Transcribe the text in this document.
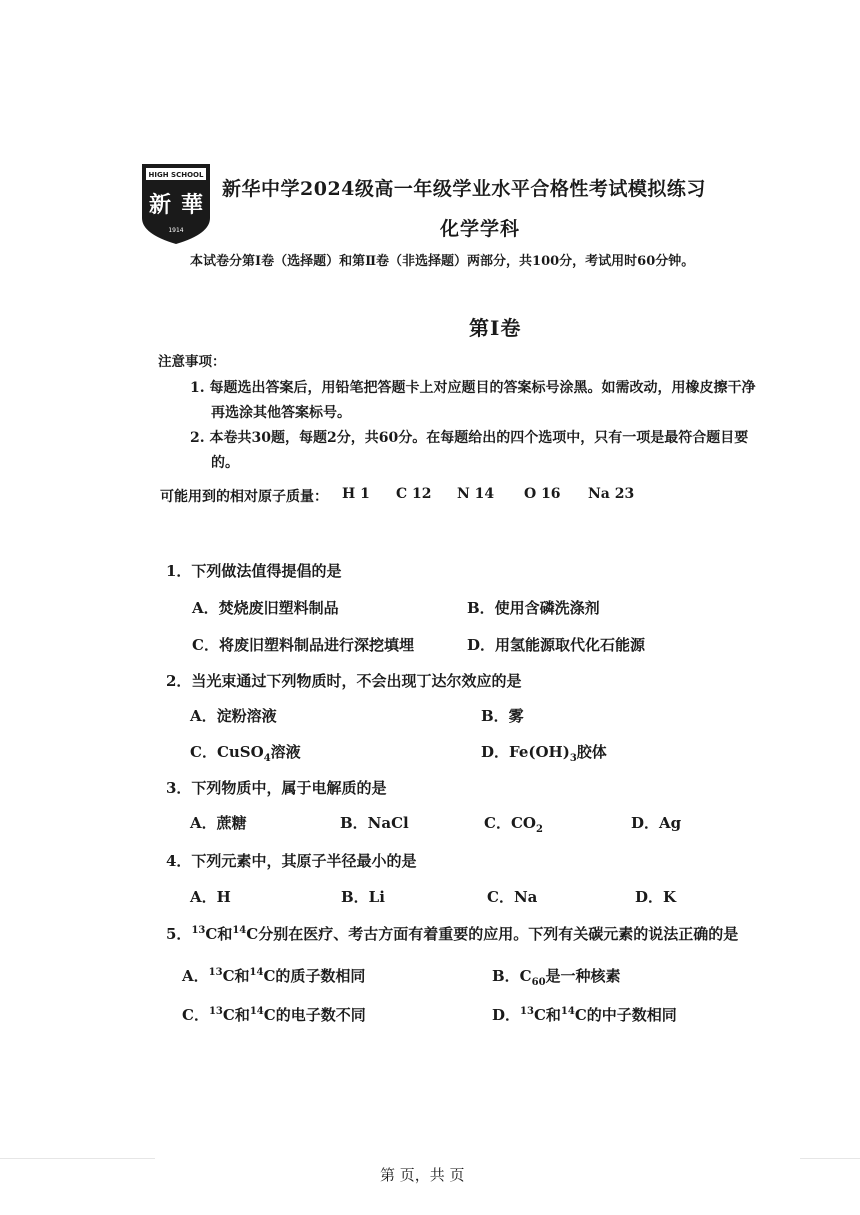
HIGH SCHOOL
新 華
1914
新华中学2024级高一年级学业水平合格性考试模拟练习
化学学科
本试卷分第Ⅰ卷（选择题）和第Ⅱ卷（非选择题）两部分，共100分，考试用时60分钟。
第Ⅰ卷
注意事项：
1. 每题选出答案后，用铅笔把答题卡上对应题目的答案标号涂黑。如需改动，用橡皮擦干净
再选涂其他答案标号。
2. 本卷共30题，每题2分，共60分。在每题给出的四个选项中，只有一项是最符合题目要
的。
可能用到的相对原子质量： H 1 C 12 N 14 O 16 Na 23
1．下列做法值得提倡的是
A．焚烧废旧塑料制品	B．使用含磷洗涤剂
C．将废旧塑料制品进行深挖填埋	D．用氢能源取代化石能源
2．当光束通过下列物质时，不会出现丁达尔效应的是
A．淀粉溶液	B．雾
C．CuSO$_4$溶液	D．$Fe(OH)_3$胶体
3．下列物质中，属于电解质的是
A．蔗糖	B．NaCl	C．$CO_2$	D．Ag
4．下列元素中，其原子半径最小的是
A．H	B．Li	C．Na	D．K
5．$^{13}$C和$^{14}$C分别在医疗、考古方面有着重要的应用。下列有关碳元素的说法正确的是
A．$^{13}$C和$^{14}$C的质子数相同	B．$C_{60}$是一种核素
C．$^{13}$C和$^{14}$C的电子数不同	D．$^{13}$C和$^{14}$C的中子数相同
第 页，共 页
